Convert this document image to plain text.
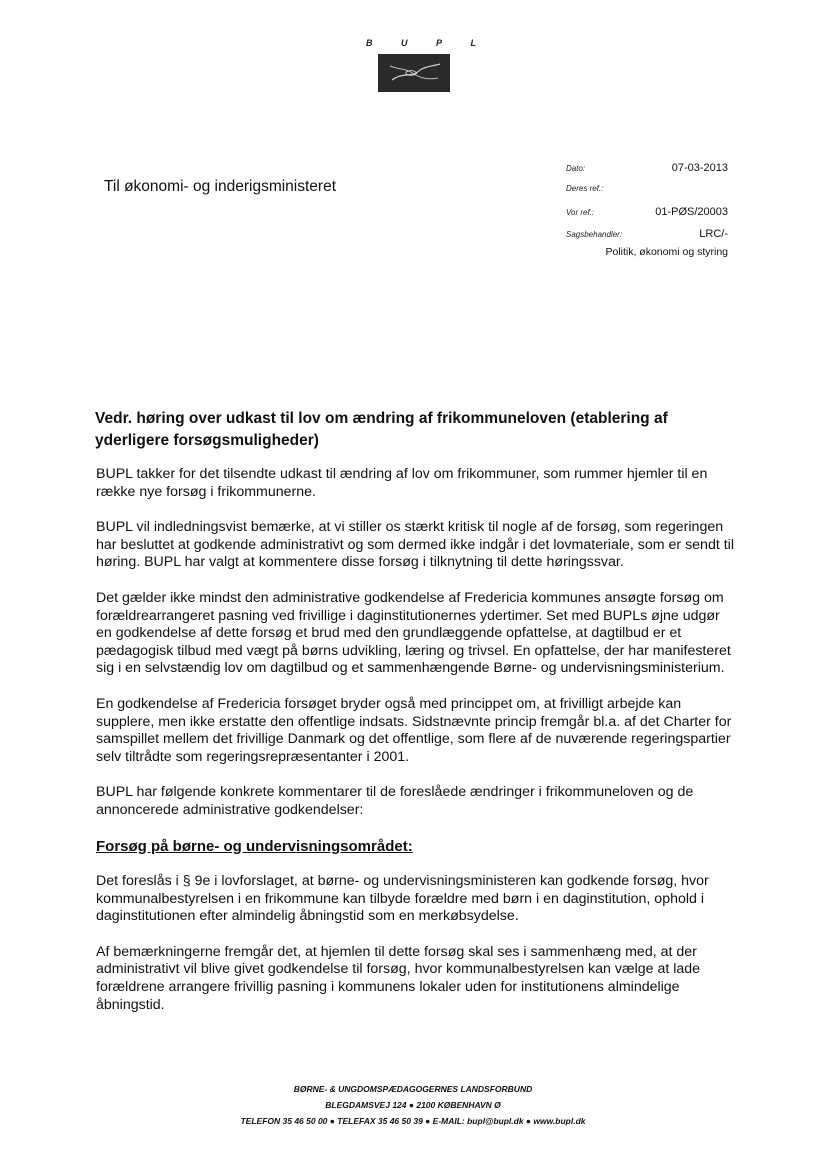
B	U	P	L
Til økonomi- og inderigsministeret
Dato:	07-03-2013
Deres ref.:
Vor ref.:	01-PØS/20003
Sagsbehandler:	LRC/-
Politik, økonomi og styring
Vedr. høring over udkast til lov om ændring af frikommuneloven (etablering af yderligere forsøgsmuligheder)

BUPL takker for det tilsendte udkast til ændring af lov om frikommuner, som rummer hjemler til en række nye forsøg i frikommunerne.

BUPL vil indledningsvist bemærke, at vi stiller os stærkt kritisk til nogle af de forsøg, som regeringen har besluttet at godkende administrativt og som dermed ikke indgår i det lovmateriale, som er sendt til høring. BUPL har valgt at kommentere disse forsøg i tilknytning til dette høringssvar.

Det gælder ikke mindst den administrative godkendelse af Fredericia kommunes ansøgte forsøg om forældrearrangeret pasning ved frivillige i daginstitutionernes ydertimer. Set med BUPLs øjne udgør en godkendelse af dette forsøg et brud med den grundlæggende opfattelse, at dagtilbud er et pædagogisk tilbud med vægt på børns udvikling, læring og trivsel. En opfattelse, der har manifesteret sig i en selvstændig lov om dagtilbud og et sammenhængende Børne- og undervisningsministerium.

En godkendelse af Fredericia forsøget bryder også med princippet om, at frivilligt arbejde kan supplere, men ikke erstatte den offentlige indsats. Sidstnævnte princip fremgår bl.a. af det Charter for samspillet mellem det frivillige Danmark og det offentlige, som flere af de nuværende regeringspartier selv tiltrådte som regeringsrepræsentanter i 2001.

BUPL har følgende konkrete kommentarer til de foreslåede ændringer i frikommuneloven og de annoncerede administrative godkendelser:

Forsøg på børne- og undervisningsområdet:

Det foreslås i § 9e i lovforslaget, at børne- og undervisningsministeren kan godkende forsøg, hvor kommunalbestyrelsen i en frikommune kan tilbyde forældre med børn i en daginstitution, ophold i daginstitutionen efter almindelig åbningstid som en merkøbsydelse.

Af bemærkningerne fremgår det, at hjemlen til dette forsøg skal ses i sammenhæng med, at der administrativt vil blive givet godkendelse til forsøg, hvor kommunalbestyrelsen kan vælge at lade forældrene arrangere frivillig pasning i kommunens lokaler uden for institutionens almindelige åbningstid.

BØRNE- & UNGDOMSPÆDAGOGERNES LANDSFORBUND
BLEGDAMSVEJ 124 ● 2100 KØBENHAVN Ø
TELEFON 35 46 50 00 ● TELEFAX 35 46 50 39 ● E-MAIL: bupl@bupl.dk ● www.bupl.dk
